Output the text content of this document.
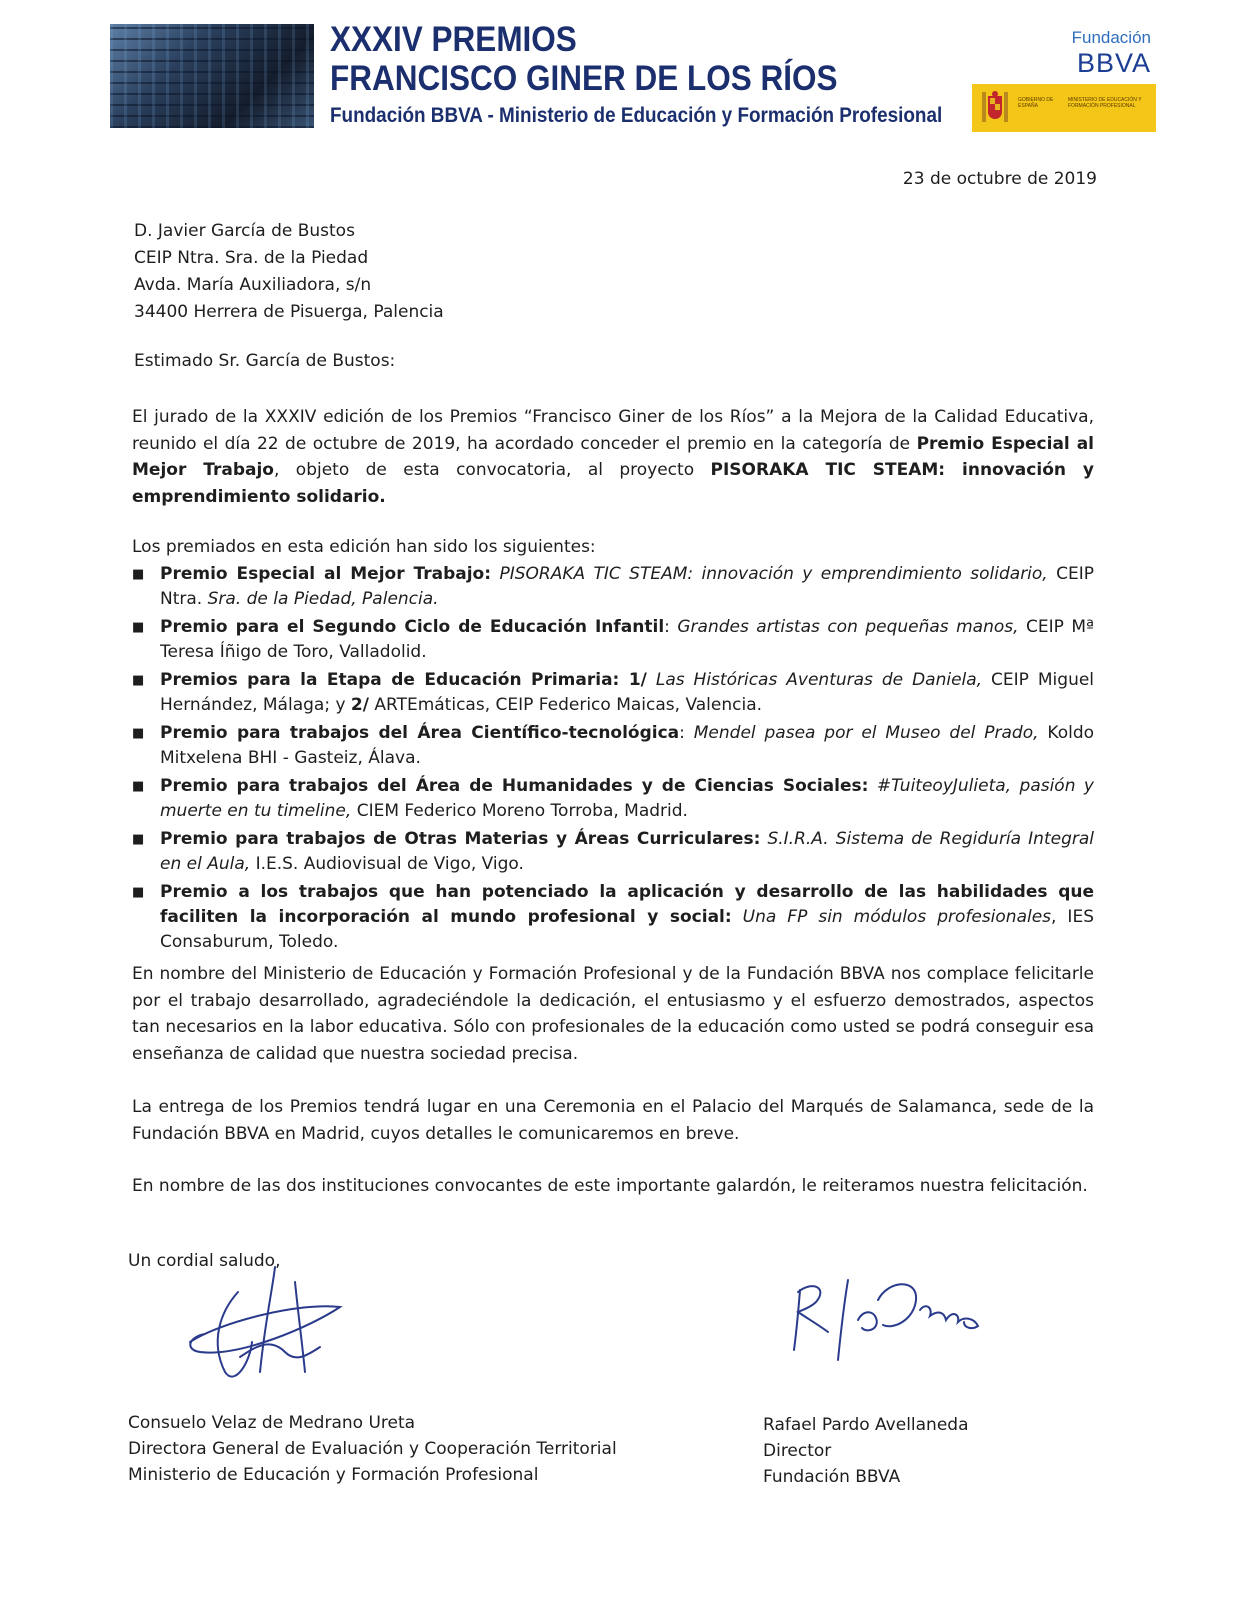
XXXIV PREMIOS
FRANCISCO GINER DE LOS RÍOS
Fundación BBVA - Ministerio de Educación y Formación Profesional
Fundación
BBVA
GOBIERNO DE ESPAÑA
MINISTERIO DE EDUCACIÓN Y FORMACIÓN PROFESIONAL
23 de octubre de 2019
D. Javier García de Bustos
CEIP Ntra. Sra. de la Piedad
Avda. María Auxiliadora, s/n
34400 Herrera de Pisuerga, Palencia
Estimado Sr. García de Bustos:

El jurado de la XXXIV edición de los Premios “Francisco Giner de los Ríos” a la Mejora de la Calidad Educativa, reunido el día 22 de octubre de 2019, ha acordado conceder el premio en la categoría de Premio Especial al Mejor Trabajo, objeto de esta convocatoria, al proyecto PISORAKA TIC STEAM: innovación y emprendimiento solidario.

Los premiados en esta edición han sido los siguientes:
■ Premio Especial al Mejor Trabajo: PISORAKA TIC STEAM: innovación y emprendimiento solidario, CEIP Ntra. Sra. de la Piedad, Palencia.
■ Premio para el Segundo Ciclo de Educación Infantil: Grandes artistas con pequeñas manos, CEIP Mª Teresa Íñigo de Toro, Valladolid.
■ Premios para la Etapa de Educación Primaria: 1/ Las Históricas Aventuras de Daniela, CEIP Miguel Hernández, Málaga; y 2/ ARTEmáticas, CEIP Federico Maicas, Valencia.
■ Premio para trabajos del Área Científico-tecnológica: Mendel pasea por el Museo del Prado, Koldo Mitxelena BHI - Gasteiz, Álava.
■ Premio para trabajos del Área de Humanidades y de Ciencias Sociales: #TuiteoyJulieta, pasión y muerte en tu timeline, CIEM Federico Moreno Torroba, Madrid.
■ Premio para trabajos de Otras Materias y Áreas Curriculares: S.I.R.A. Sistema de Regiduría Integral en el Aula, I.E.S. Audiovisual de Vigo, Vigo.
■ Premio a los trabajos que han potenciado la aplicación y desarrollo de las habilidades que faciliten la incorporación al mundo profesional y social: Una FP sin módulos profesionales, IES Consaburum, Toledo.

En nombre del Ministerio de Educación y Formación Profesional y de la Fundación BBVA nos complace felicitarle por el trabajo desarrollado, agradeciéndole la dedicación, el entusiasmo y el esfuerzo demostrados, aspectos tan necesarios en la labor educativa. Sólo con profesionales de la educación como usted se podrá conseguir esa enseñanza de calidad que nuestra sociedad precisa.

La entrega de los Premios tendrá lugar en una Ceremonia en el Palacio del Marqués de Salamanca, sede de la Fundación BBVA en Madrid, cuyos detalles le comunicaremos en breve.

En nombre de las dos instituciones convocantes de este importante galardón, le reiteramos nuestra felicitación.

Un cordial saludo,
Consuelo Velaz de Medrano Ureta
Directora General de Evaluación y Cooperación Territorial
Ministerio de Educación y Formación Profesional
Rafael Pardo Avellaneda
Director
Fundación BBVA
